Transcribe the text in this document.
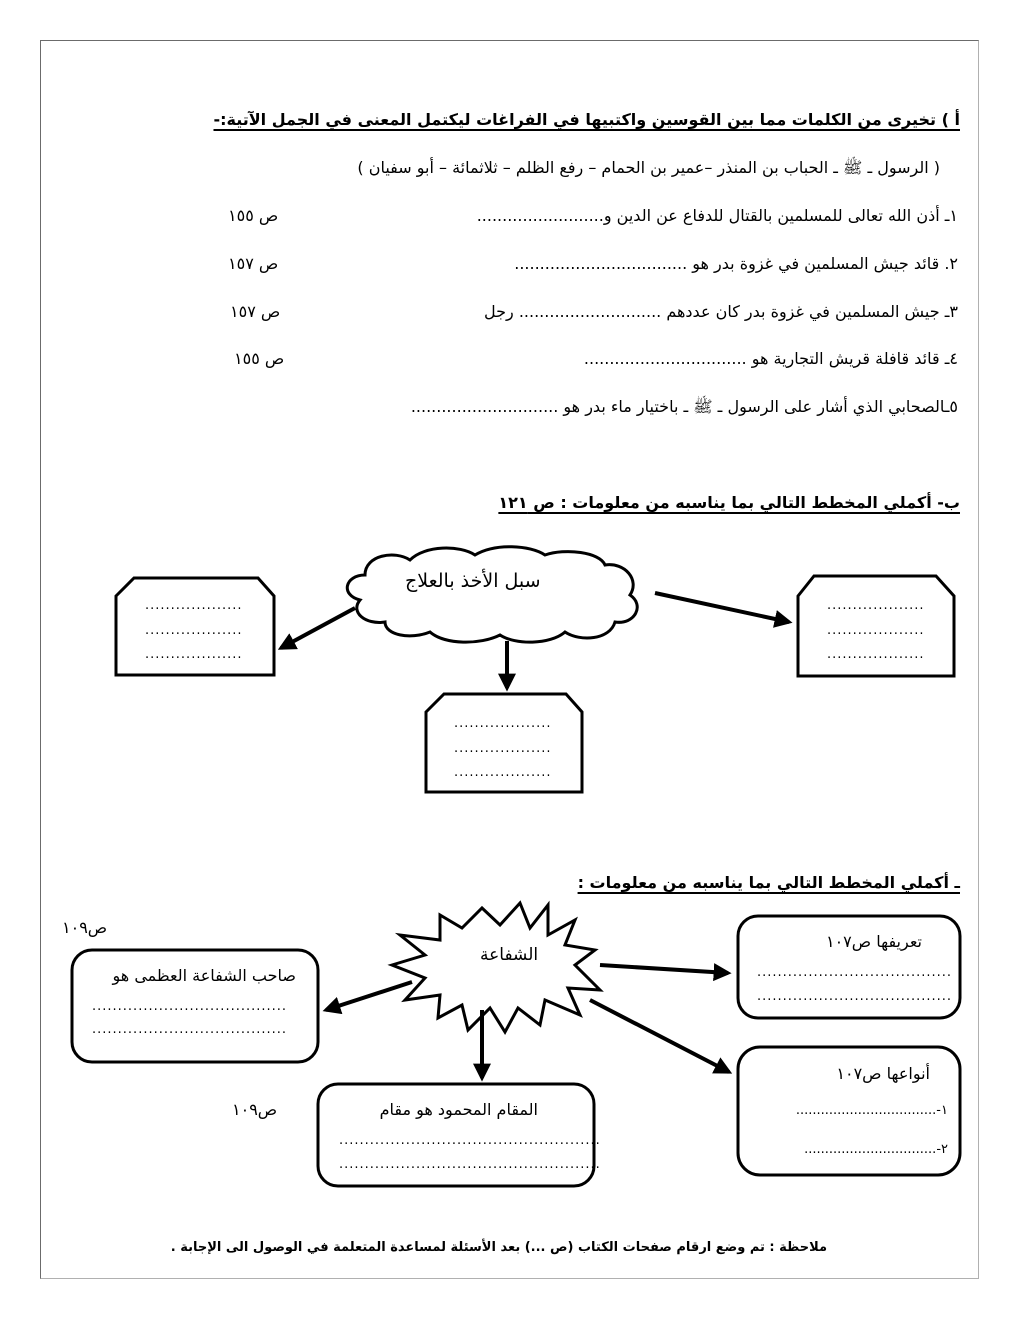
أ ) تخيرى من الكلمات مما بين القوسين واكتبيها في الفراغات ليكتمل المعنى في الجمل الآتية:-
( الرسول ـ ﷺ ـ الحباب بن المنذر –عمير بن الحمام – رفع الظلم – ثلاثمائة – أبو سفيان )
١ـ أذن الله تعالى للمسلمين بالقتال للدفاع عن الدين و.........................
ص ١٥٥
٢. قائد جيش المسلمين في غزوة بدر هو ..................................
ص ١٥٧
٣ـ جيش المسلمين في غزوة بدر كان عددهم ............................ رجل
ص ١٥٧
٤ـ قائد قافلة قريش التجارية هو ................................
ص ١٥٥
٥ـالصحابي الذي أشار على الرسول ـ ﷺ ـ باختيار ماء بدر هو .............................
ب- أكملي المخطط التالي بما يناسبه من معلومات : ص ١٢١
سبل الأخذ بالعلاج
...................
...................
...................
...................
...................
...................
...................
...................
...................
ـ أكملي المخطط التالي بما يناسبه من معلومات :
الشفاعة
ص١٠٩
ص١٠٩
صاحب الشفاعة العظمى هو
......................................
......................................
تعريفها ص١٠٧
......................................
......................................
أنواعها ص١٠٧
١-..................................
٢-................................
المقام المحمود هو مقام
...................................................
...................................................
ملاحظة : تم وضع ارقام صفحات الكتاب (ص ...) بعد الأسئلة لمساعدة المتعلمة في الوصول الى الإجابة .
